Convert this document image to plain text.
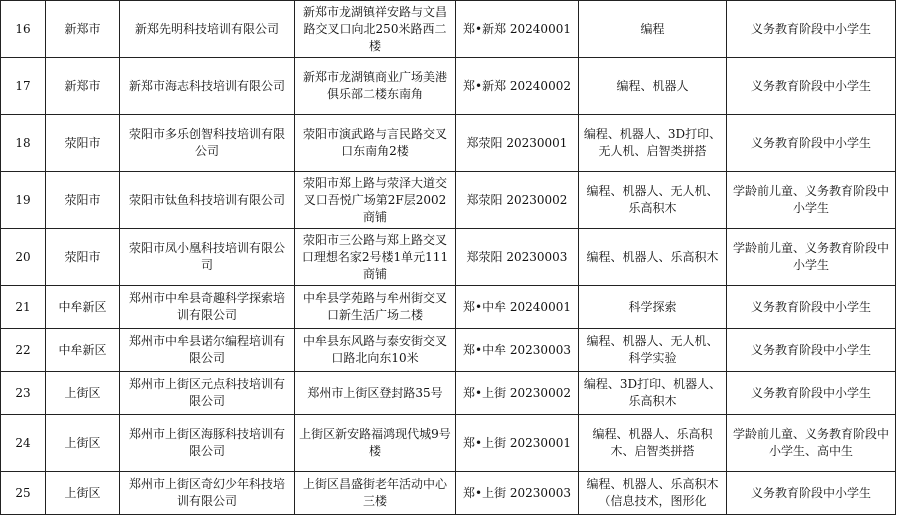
16	新郑市	新郑先明科技培训有限公司	新郑市龙湖镇祥安路与文昌路交叉口向北250米路西二楼	郑•新郑 20240001	编程	义务教育阶段中小学生
17	新郑市	新郑市海志科技培训有限公司	新郑市龙湖镇商业广场美港俱乐部二楼东南角	郑•新郑 20240002	编程、机器人	义务教育阶段中小学生
18	荥阳市	荥阳市多乐创智科技培训有限公司	荥阳市演武路与言民路交叉口东南角2楼	郑荥阳 20230001	编程、机器人、3D打印、无人机、启智类拼搭	义务教育阶段中小学生
19	荥阳市	荥阳市钛鱼科技培训有限公司	荥阳市郑上路与荥泽大道交叉口吾悦广场第2F层2002商铺	郑荥阳 20230002	编程、机器人、无人机、乐高积木	学龄前儿童、义务教育阶段中小学生
20	荥阳市	荥阳市凤小凰科技培训有限公司	荥阳市三公路与郑上路交叉口理想名家2号楼1单元111商铺	郑荥阳 20230003	编程、机器人、乐高积木	学龄前儿童、义务教育阶段中小学生
21	中牟新区	郑州市中牟县奇趣科学探索培训有限公司	中牟县学苑路与牟州街交叉口新生活广场二楼	郑•中牟 20240001	科学探索	义务教育阶段中小学生
22	中牟新区	郑州市中牟县诺尔编程培训有限公司	中牟县东风路与泰安街交叉口路北向东10米	郑•中牟 20230003	编程、机器人、无人机、科学实验	义务教育阶段中小学生
23	上街区	郑州市上街区元点科技培训有限公司	郑州市上街区登封路35号	郑•上街 20230002	编程、3D打印、机器人、乐高积木	义务教育阶段中小学生
24	上街区	郑州市上街区海豚科技培训有限公司	上街区新安路福鸿现代城9号楼	郑•上街 20230001	编程、机器人、乐高积木、启智类拼搭	学龄前儿童、义务教育阶段中小学生、高中生
25	上街区	郑州市上街区奇幻少年科技培训有限公司	上街区昌盛街老年活动中心三楼	郑•上街 20230003	编程、机器人、乐高积木（信息技术，图形化	义务教育阶段中小学生
